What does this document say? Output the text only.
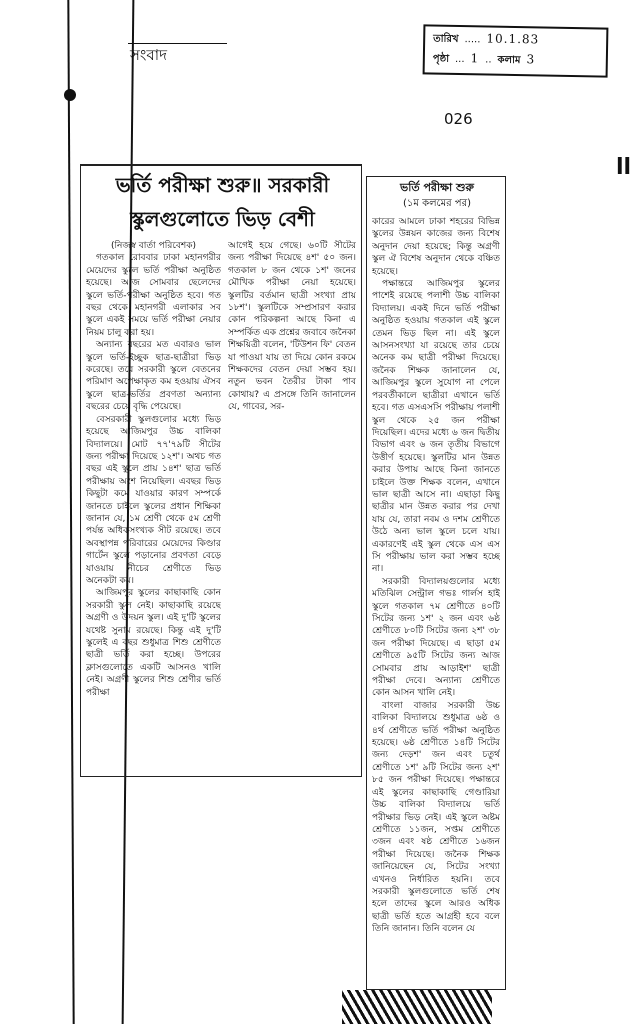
সংবাদ
026
ll
তারিখ ..... 10.1.83
পৃষ্ঠা ... 1 .. কলাম 3
ভর্তি পরীক্ষা শুরু॥ সরকারী
স্কুলগুলোতে ভিড় বেশী
(নিজস্ব বার্তা পরিবেশক)

গতকাল রোববার ঢাকা মহানগরীর মেয়েদের স্কুলে ভর্তি পরীক্ষা অনুষ্ঠিত হয়েছে। আজ সোমবার ছেলেদের স্কুলে ভর্তি-পরীক্ষা অনুষ্ঠিত হবে। গত বছর থেকে মহানগরী এলাকার সব স্কুলে একই সময়ে ভর্তি পরীক্ষা নেয়ার নিয়ম চালু করা হয়।

অন্যান্য বছরের মত এবারও ভাল স্কুলে ভর্তি-ইচ্ছুক ছাত্র-ছাত্রীরা ভিড় করেছে। তবে সরকারী স্কুলে বেতনের পরিমাণ অপেক্ষাকৃত কম হওয়ায় ঐসব স্কুলে ছাত্র-ভর্তির প্রবণতা অন্যান্য বছরের চেয়ে বৃদ্ধি পেয়েছে।

বেসরকারী স্কুলগুলোর মধ্যে ভিড় হয়েছে আজিমপুর উচ্চ বালিকা বিদ্যালয়ে। মোট ৭৭'৭৯টি সীটের জন্য পরীক্ষা দিয়েছে ১২শ'। অথচ গত বছর এই স্কুলে প্রায় ১৪শ' ছাত্র ভর্তি পরীক্ষায় অংশ নিয়েছিল। এবছর ভিড় কিছুটা কমে যাওয়ার কারণ সম্পর্কে জানতে চাইলে স্কুলের প্রধান শিক্ষিকা জানান যে, ১ম শ্রেণী থেকে ৫ম শ্রেণী পর্যন্ত অধিকসংখ্যক সীট রয়েছে। তবে অবস্থাপন্ন পরিবারের মেয়েদের কিণ্ডার গার্টেন স্কুলে পড়ানোর প্রবণতা বেড়ে যাওয়ায় নীচের শ্রেণীতে ভিড় অনেকটা কম।

আজিমপুর স্কুলের কাছাকাছি কোন সরকারী স্কুল নেই। কাছাকাছি রয়েছে অগ্রণী ও উদয়ন স্কুল। এই দু'টি স্কুলের যথেষ্ট সুনাম রয়েছে। কিন্তু এই দু'টি স্কুলেই এ বছর শুধুমাত্র শিশু শ্রেণীতে ছাত্রী ভর্তি করা হচ্ছে। উপরের ক্লাসগুলোতে একটি আসনও খালি নেই। অগ্রণী স্কুলের শিশু শ্রেণীর ভর্তি পরীক্ষা

আগেই হয়ে গেছে। ৬০টি সীটের জন্য পরীক্ষা দিয়েছে ৪শ' ৫০ জন। গতকাল ৮ জন থেকে ১শ' জনের মৌখিক পরীক্ষা নেয়া হয়েছে। স্কুলটির বর্তমান ছাত্রী সংখ্যা প্রায় ১৮শ'। স্কুলটিকে সম্প্রসারণ করার কোন পরিকল্পনা আছে কিনা এ সম্পর্কিত এক প্রশ্নের জবাবে জনৈকা শিক্ষয়িত্রী বলেন, 'টিউশন ফি' বেতন যা পাওয়া যায় তা দিয়ে কোন রকমে শিক্ষকদের বেতন দেয়া সম্ভব হয়। নতুন ভবন তৈরীর টাকা পাব কোথায়? এ প্রসঙ্গে তিনি জানালেন যে, গাবের, সর-

ভর্তি পরীক্ষা শুরু
(১ম কলমের পর)

কারের আমলে ঢাকা শহরের বিভিন্ন স্কুলের উন্নয়ন কাজের জন্য বিশেষ অনুদান দেয়া হয়েছে; কিন্তু অগ্রণী স্কুল ঐ বিশেষ অনুদান থেকে বঞ্চিত হয়েছে।

পক্ষান্তরে আজিমপুর স্কুলের পাশেই রয়েছে পলাশী উচ্চ বালিকা বিদ্যালয়। একই দিনে ভর্তি পরীক্ষা অনুষ্ঠিত হওয়ায় গতকাল এই স্কুলে তেমন ভিড় ছিল না। এই স্কুলে আসনসংখ্যা যা রয়েছে তার চেয়ে অনেক কম ছাত্রী পরীক্ষা দিয়েছে। জনৈক শিক্ষক জানালেন যে, আজিমপুর স্কুলে সুযোগ না পেলে পরবর্তীকালে ছাত্রীরা এখানে ভর্তি হবে। গত এসএসসি পরীক্ষায় পলাশী স্কুল থেকে ২৫ জন পরীক্ষা দিয়েছিল। এদের মধ্যে ৬ জন দ্বিতীয় বিভাগ এবং ৬ জন তৃতীয় বিভাগে উত্তীর্ণ হয়েছে। স্কুলটির মান উন্নত করার উপায় আছে কিনা জানতে চাইলে উক্ত শিক্ষক বলেন, এখানে ভাল ছাত্রী আসে না। এছাড়া কিছু ছাত্রীর মান উন্নত করার পর দেখা যায় যে, তারা নবম ও দশম শ্রেণীতে উঠে অন্য ভাল স্কুলে চলে যায়। একারণেই এই স্কুল থেকে এস এস সি পরীক্ষায় ভাল করা সম্ভব হচ্ছে না।

সরকারী বিদ্যালয়গুলোর মধ্যে মতিঝিল সেন্ট্রাল গভঃ গার্লস হাই স্কুলে গতকাল ৭ম শ্রেণীতে ৪০টি সিটের জন্য ১শ' ২ জন এবং ৬ষ্ঠ শ্রেণীতে ৮০টি সিটের জন্য ২শ' ৩৮ জন পরীক্ষা দিয়েছে। এ ছাড়া ৫ম শ্রেণীতে ৯৫টি সিটের জন্য আজ সোমবার প্রায় আড়াইশ' ছাত্রী পরীক্ষা দেবে। অন্যান্য শ্রেণীতে কোন আসন খালি নেই।

বাংলা বাজার সরকারী উচ্চ বালিকা বিদ্যালয়ে শুধুমাত্র ৬ষ্ঠ ও ৪র্থ শ্রেণীতে ভর্তি পরীক্ষা অনুষ্ঠিত হয়েছে। ৬ষ্ঠ শ্রেণীতে ১৪টি সিটের জন্য দেড়শ' জন এবং চতুর্থ শ্রেণীতে ১শ' ৯টি সিটের জন্য ২শ' ৮৫ জন পরীক্ষা দিয়েছে। পক্ষান্তরে এই স্কুলের কাছাকাছি গেণ্ডারিয়া উচ্চ বালিকা বিদ্যালয়ে ভর্তি পরীক্ষার ভিড় নেই। এই স্কুলে অষ্টম শ্রেণীতে ১১জন, সপ্তম শ্রেণীতে ৩জন এবং ষষ্ঠ শ্রেণীতে ১৬জন পরীক্ষা দিয়েছে। জনৈক শিক্ষক জানিয়েছেন যে, সিটের সংখ্যা এখনও নির্ধারিত হয়নি। তবে সরকারী স্কুলগুলোতে ভর্তি শেষ হলে তাদের স্কুলে আরও অধিক ছাত্রী ভর্তি হতে আগ্রহী হবে বলে তিনি জানান। তিনি বলেন যে
